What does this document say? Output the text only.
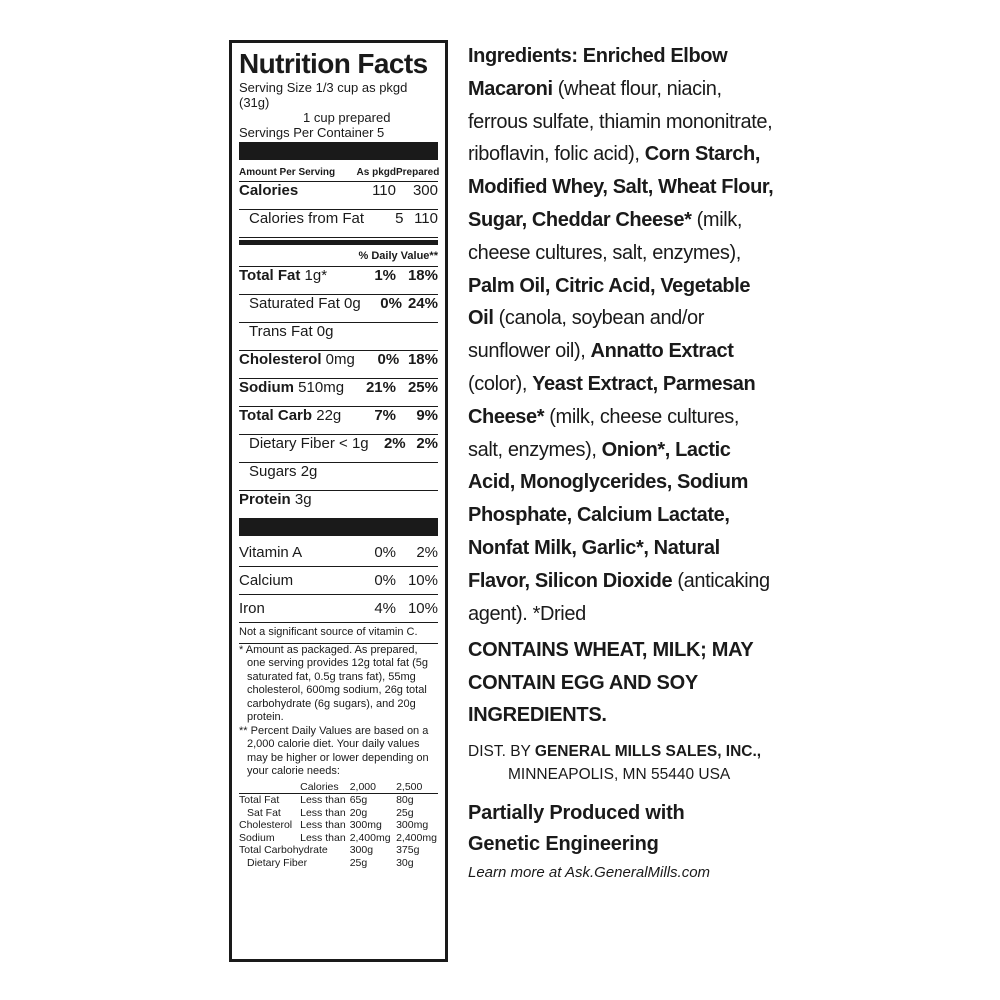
Nutrition Facts
Serving Size 1/3 cup as pkgd (31g)
1 cup prepared
Servings Per Container 5
Amount Per Serving	As pkgd Prepared
Calories	110	300
Calories from Fat	5 110
% Daily Value**
Total Fat 1g*	1% 18%
Saturated Fat 0g	0% 24%
Trans Fat 0g
Cholesterol 0mg	0% 18%
Sodium 510mg	21% 25%
Total Carb 22g	7%	9%
Dietary Fiber < 1g	2% 2%
Sugars 2g
Protein 3g
Vitamin A	0%	2%
Calcium	0% 10%
Iron	4% 10%

Not a significant source of vitamin C.

* Amount as packaged. As prepared, one serving provides 12g total fat (5g saturated fat, 0.5g trans fat), 55mg cholesterol, 600mg sodium, 26g total carbohydrate (6g sugars), and 20g protein.

** Percent Daily Values are based on a 2,000 calorie diet. Your daily values may be higher or lower depending on your calorie needs:

	Calories	2,000	2,500
Total Fat	Less than	65g	80g
Sat Fat	Less than	20g	25g
Cholesterol	Less than	300mg	300mg
Sodium	Less than	2,400mg	2,400mg
Total Carbohydrate		300g	375g
Dietary Fiber		25g	30g
Ingredients: Enriched Elbow Macaroni (wheat flour, niacin, ferrous sulfate, thiamin mononitrate, riboflavin, folic acid), Corn Starch, Modified Whey, Salt, Wheat Flour, Sugar, Cheddar Cheese* (milk, cheese cultures, salt, enzymes), Palm Oil, Citric Acid, Vegetable Oil (canola, soybean and/or sunflower oil), Annatto Extract (color), Yeast Extract, Parmesan Cheese* (milk, cheese cultures, salt, enzymes), Onion*, Lactic Acid, Monoglycerides, Sodium Phosphate, Calcium Lactate, Nonfat Milk, Garlic*, Natural Flavor, Silicon Dioxide (anticaking agent). *Dried
CONTAINS WHEAT, MILK; MAY CONTAIN EGG AND SOY INGREDIENTS.
DIST. BY GENERAL MILLS SALES, INC.,
MINNEAPOLIS, MN 55440 USA
Partially Produced with
Genetic Engineering
Learn more at Ask.GeneralMills.com
